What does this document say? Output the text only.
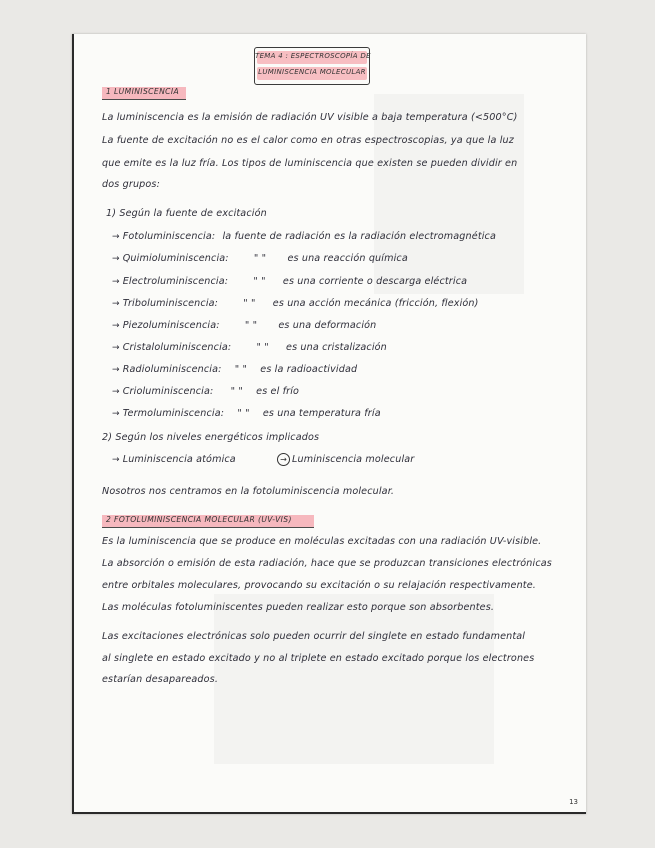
TEMA 4 : ESPECTROSCOPÍA DE
LUMINISCENCIA MOLECULAR
1 LUMINISCENCIA
La luminiscencia es la emisión de radiación UV visible a baja temperatura (<500°C)
La fuente de excitación no es el calor como en otras espectroscopias, ya que la luz
que emite es la luz fría. Los tipos de luminiscencia que existen se pueden dividir en
dos grupos:
1) Según la fuente de excitación
→ Fotoluminiscencia: la fuente de radiación es la radiación electromagnética
→ Quimioluminiscencia:	" " es una reacción química
→ Electroluminiscencia:	" " es una corriente o descarga eléctrica
→ Triboluminiscencia:	" " es una acción mecánica (fricción, flexión)
→ Piezoluminiscencia:	" " es una deformación
→ Cristaloluminiscencia:	" " es una cristalización
→ Radioluminiscencia: " " es la radioactividad
→ Crioluminiscencia: " " es el frío
→ Termoluminiscencia: " " es una temperatura fría
2) Según los niveles energéticos implicados
→ Luminiscencia atómica	→ Luminiscencia molecular
Nosotros nos centramos en la fotoluminiscencia molecular.
2 FOTOLUMINISCENCIA MOLECULAR (UV-VIS)
Es la luminiscencia que se produce en moléculas excitadas con una radiación UV-visible.
La absorción o emisión de esta radiación, hace que se produzcan transiciones electrónicas
entre orbitales moleculares, provocando su excitación o su relajación respectivamente.
Las moléculas fotoluminiscentes pueden realizar esto porque son absorbentes.
Las excitaciones electrónicas solo pueden ocurrir del singlete en estado fundamental
al singlete en estado excitado y no al triplete en estado excitado porque los electrones
estarían desapareados.
13
